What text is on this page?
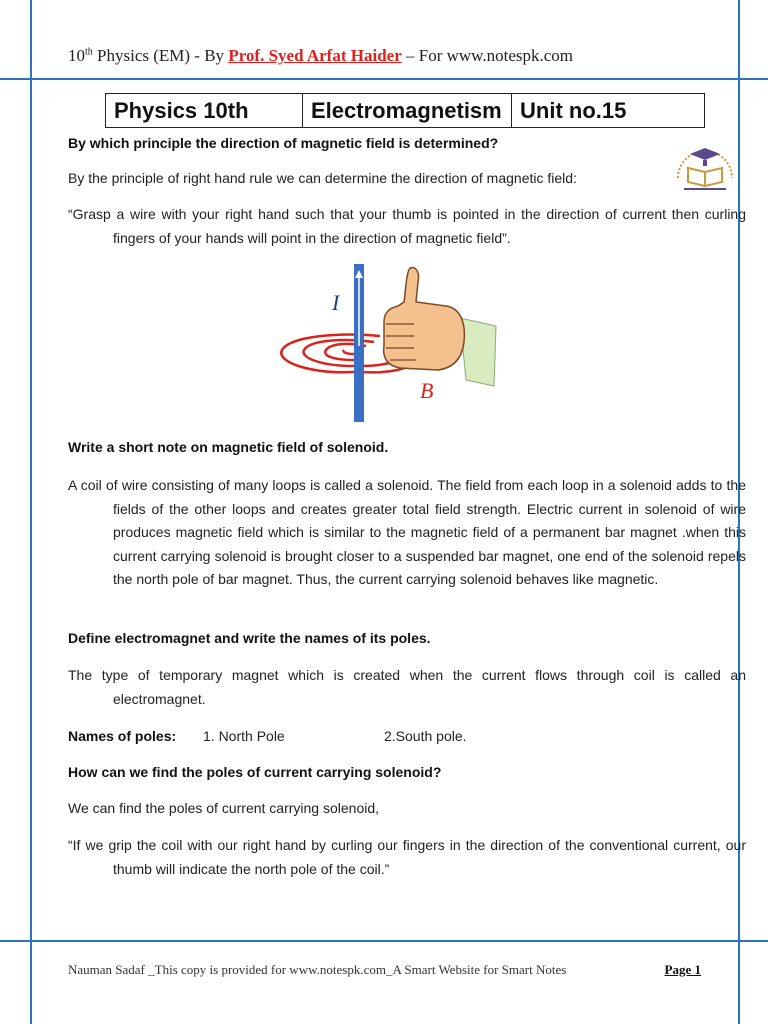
10th Physics (EM) - By Prof. Syed Arfat Haider – For www.notespk.com
Physics 10th	Electromagnetism	Unit no.15
By which principle the direction of magnetic field is determined?
By the principle of right hand rule we can determine the direction of magnetic field:
“Grasp a wire with your right hand such that your thumb is pointed in the direction of current then curling fingers of your hands will point in the direction of magnetic field”.
Write a short note on magnetic field of solenoid.
A coil of wire consisting of many loops is called a solenoid. The field from each loop in a solenoid adds to the fields of the other loops and creates greater total field strength. Electric current in solenoid of wire produces magnetic field which is similar to the magnetic field of a permanent bar magnet .when this current carrying solenoid is brought closer to a suspended bar magnet, one end of the solenoid repels the north pole of bar magnet. Thus, the current carrying solenoid behaves like magnetic.
Define electromagnet and write the names of its poles.
The type of temporary magnet which is created when the current flows through coil is called an electromagnet.
Names of poles: 1. North Pole	2.South pole.
How can we find the poles of current carrying solenoid?
We can find the poles of current carrying solenoid,
“If we grip the coil with our right hand by curling our fingers in the direction of the conventional current, our thumb will indicate the north pole of the coil.”
I
B
Nauman Sadaf _This copy is provided for www.notespk.com_A Smart Website for Smart Notes	Page 1
